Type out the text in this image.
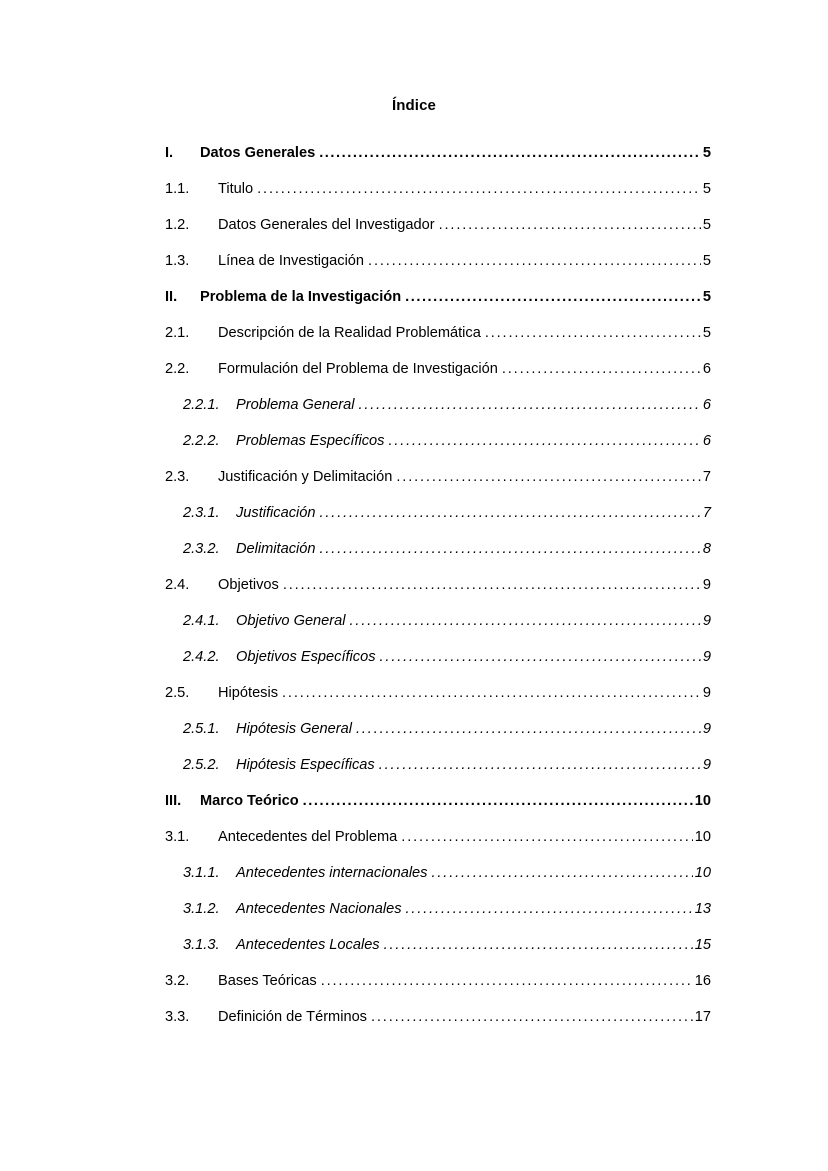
Índice
I.	Datos Generales .....	5
1.1.	Titulo .....	5
1.2.	Datos Generales del Investigador .....	5
1.3.	Línea de Investigación .....	5
II.	Problema de la Investigación .....	5
2.1.	Descripción de la Realidad Problemática .....	5
2.2.	Formulación del Problema de Investigación .....	6
2.2.1.	Problema General .....	6
2.2.2.	Problemas Específicos .....	6
2.3.	Justificación y Delimitación .....	7
2.3.1.	Justificación .....	7
2.3.2.	Delimitación .....	8
2.4.	Objetivos .....	9
2.4.1.	Objetivo General .....	9
2.4.2.	Objetivos Específicos .....	9
2.5.	Hipótesis .....	9
2.5.1.	Hipótesis General .....	9
2.5.2.	Hipótesis Específicas .....	9
III.	Marco Teórico .....	10
3.1.	Antecedentes del Problema .....	10
3.1.1.	Antecedentes internacionales .....	10
3.1.2.	Antecedentes Nacionales .....	13
3.1.3.	Antecedentes Locales .....	15
3.2.	Bases Teóricas .....	16
3.3.	Definición de Términos .....	17
